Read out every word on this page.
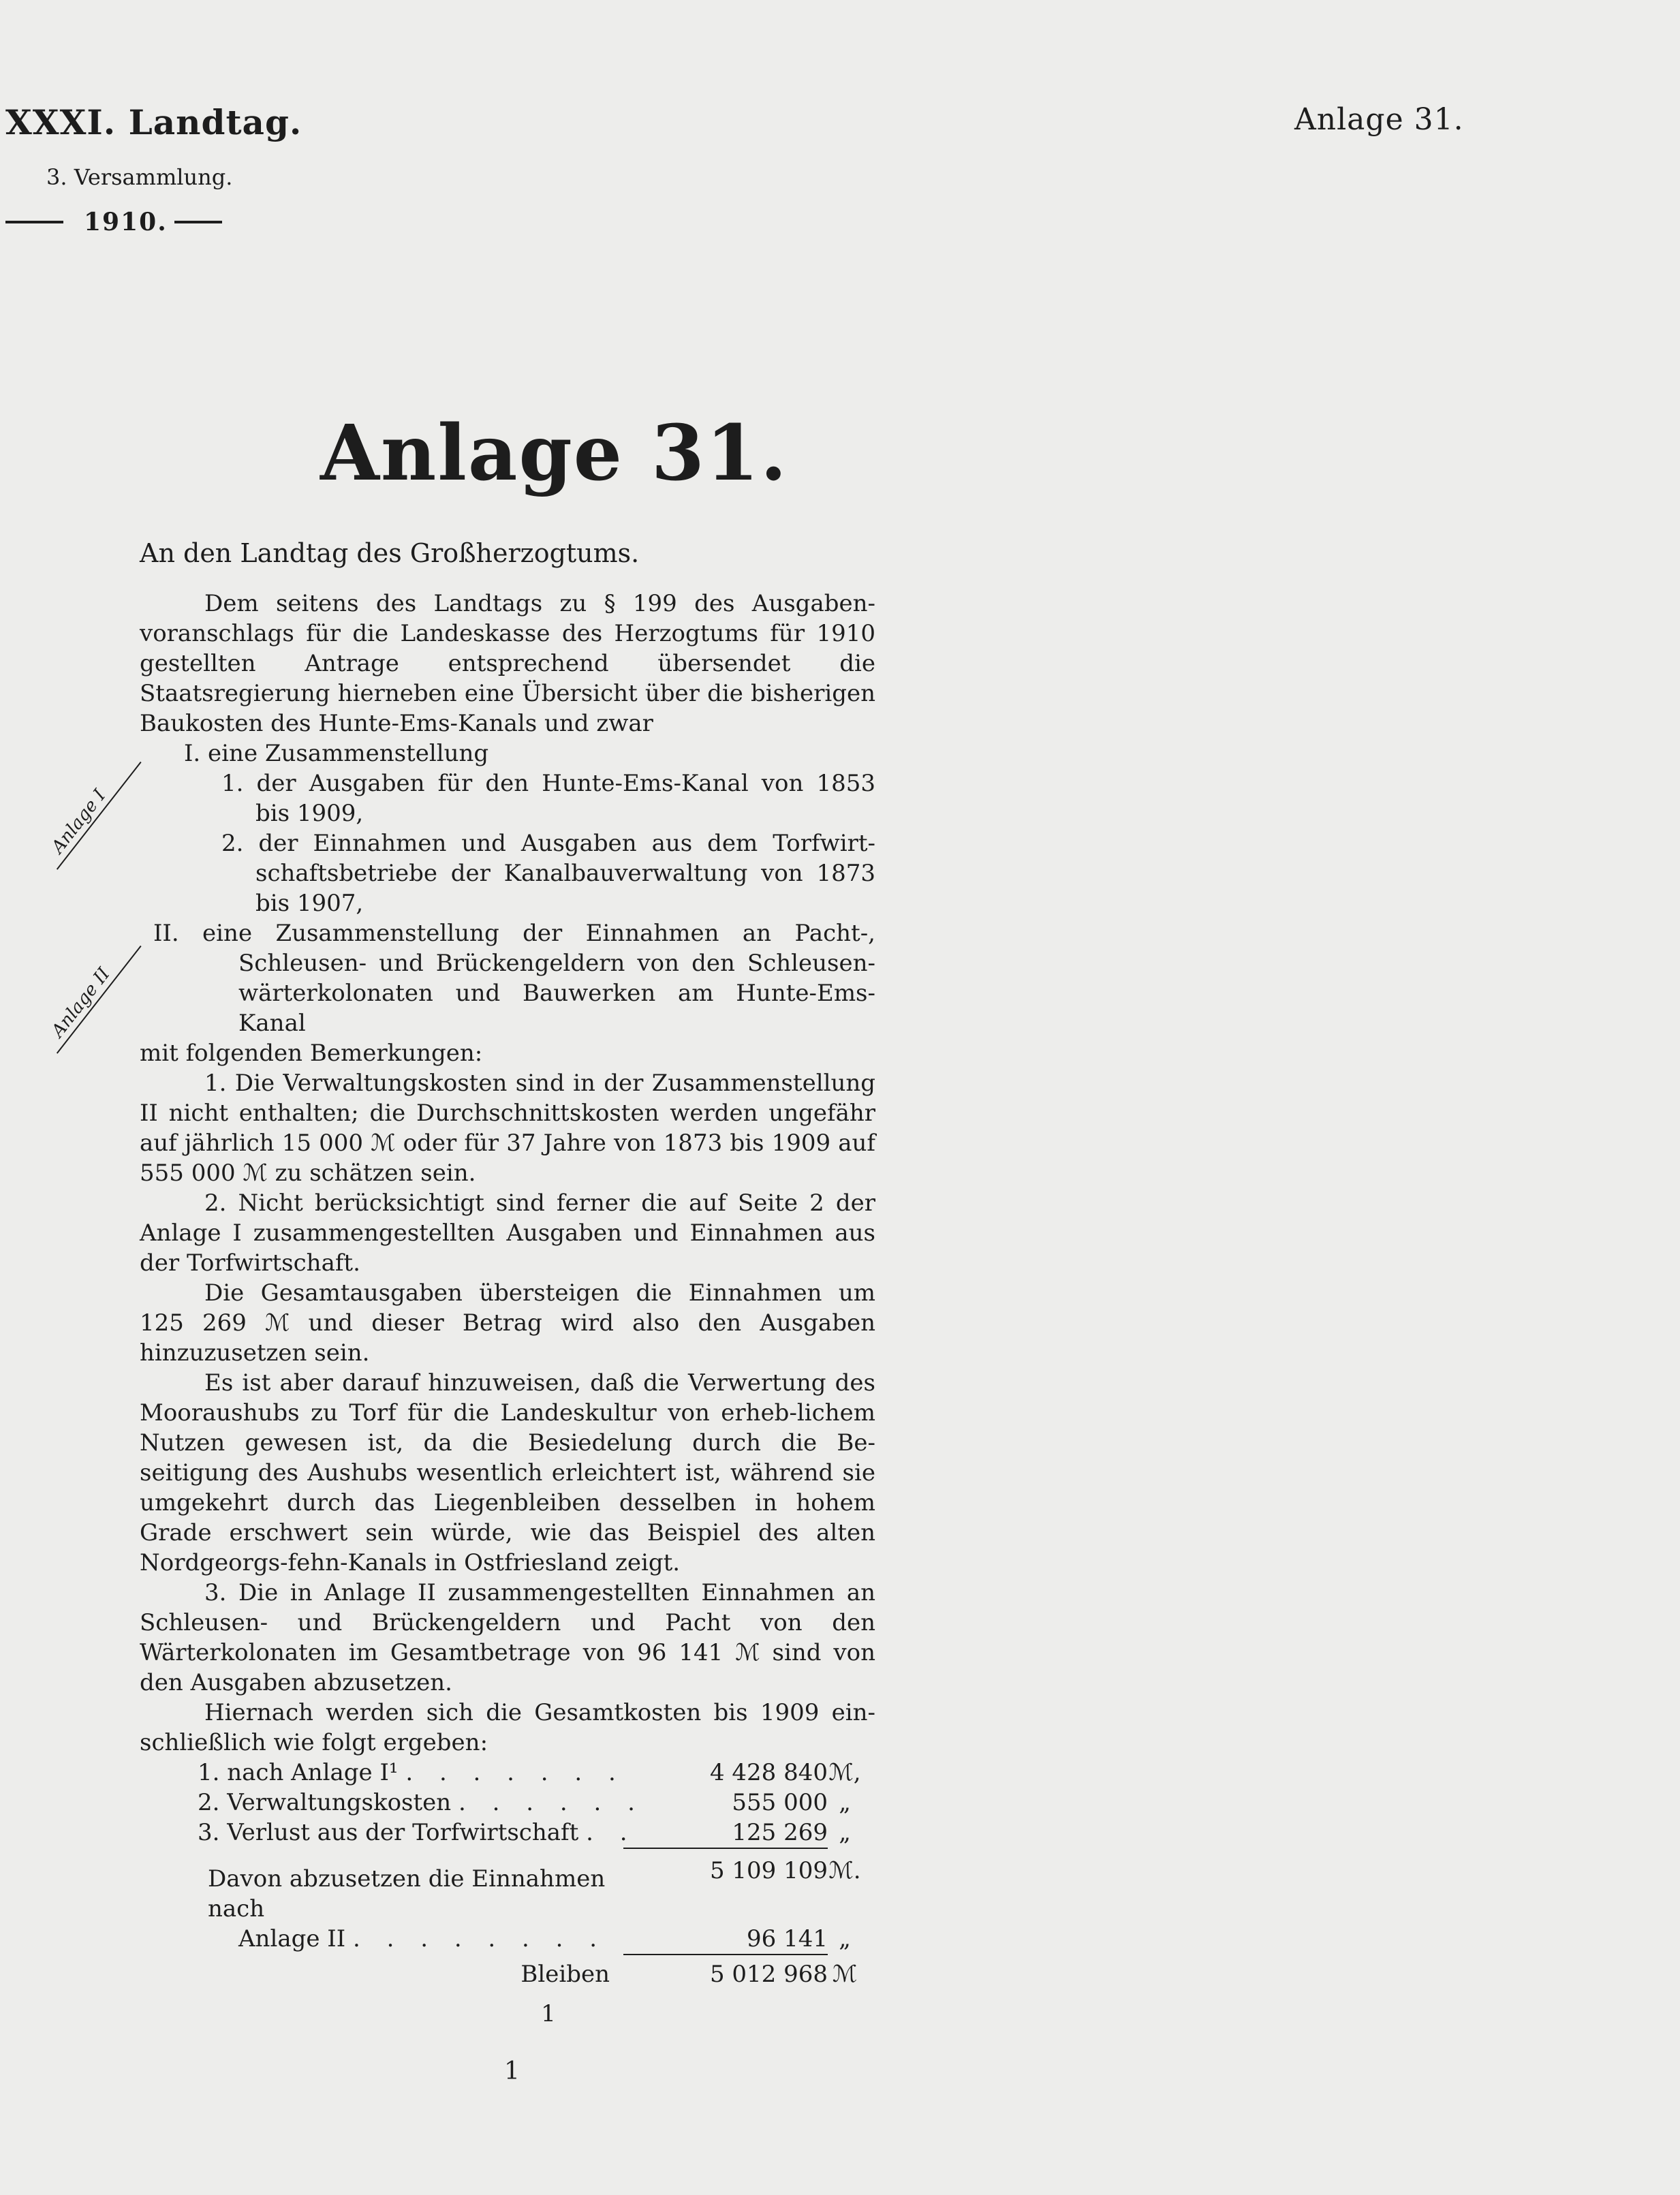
XXXI. Landtag.
3. Versammlung.
1910.
Anlage 31.
Anlage 31.
Anlage I
Anlage II
An den Landtag des Großherzogtums.

Dem seitens des Landtags zu § 199 des Ausgaben-voranschlags für die Landeskasse des Herzogtums für 1910 gestellten Antrage entsprechend übersendet die Staatsregierung hierneben eine Übersicht über die bisherigen Baukosten des Hunte-Ems-Kanals und zwar

I. eine Zusammenstellung

1. der Ausgaben für den Hunte-Ems-Kanal von 1853 bis 1909,

2. der Einnahmen und Ausgaben aus dem Torfwirt-schaftsbetriebe der Kanalbauverwaltung von 1873 bis 1907,

II. eine Zusammenstellung der Einnahmen an Pacht-, Schleusen- und Brückengeldern von den Schleusen-wärterkolonaten und Bauwerken am Hunte-Ems-Kanal

mit folgenden Bemerkungen:

1. Die Verwaltungskosten sind in der Zusammenstellung II nicht enthalten; die Durchschnittskosten werden ungefähr auf jährlich 15 000 ℳ oder für 37 Jahre von 1873 bis 1909 auf 555 000 ℳ zu schätzen sein.

2. Nicht berücksichtigt sind ferner die auf Seite 2 der Anlage I zusammengestellten Ausgaben und Einnahmen aus der Torfwirtschaft.

Die Gesamtausgaben übersteigen die Einnahmen um 125 269 ℳ und dieser Betrag wird also den Ausgaben hinzuzusetzen sein.

Es ist aber darauf hinzuweisen, daß die Verwertung des Mooraushubs zu Torf für die Landeskultur von erheb-lichem Nutzen gewesen ist, da die Besiedelung durch die Be-seitigung des Aushubs wesentlich erleichtert ist, während sie umgekehrt durch das Liegenbleiben desselben in hohem Grade erschwert sein würde, wie das Beispiel des alten Nordgeorgs-fehn-Kanals in Ostfriesland zeigt.

3. Die in Anlage II zusammengestellten Einnahmen an Schleusen- und Brückengeldern und Pacht von den Wärterkolonaten im Gesamtbetrage von 96 141 ℳ sind von den Ausgaben abzusetzen.

Hiernach werden sich die Gesamtkosten bis 1909 ein-schließlich wie folgt ergeben:

1. nach Anlage I¹ . . . . . . .	4 428 840 ℳ,
2. Verwaltungskosten . . . . . .	555 000 „
3. Verlust aus der Torfwirtschaft . .	125 269 „
5 109 109 ℳ.
Davon abzusetzen die Einnahmen nach
Anlage II . . . . . . . .	96 141 „
Bleiben	5 012 968 ℳ
1
1
